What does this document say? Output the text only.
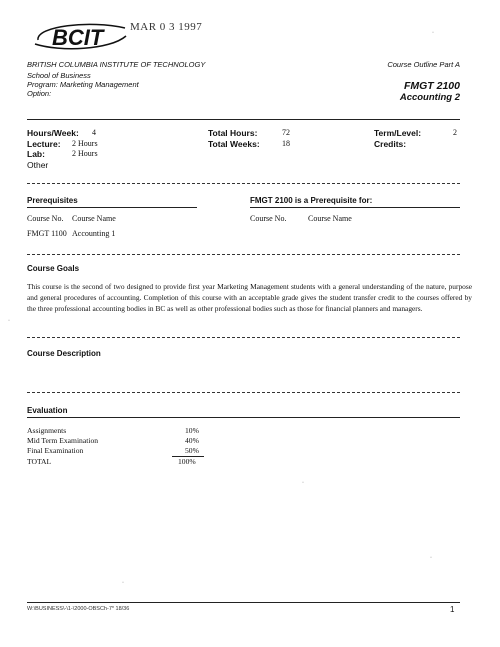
BCIT MAR 0 3 1997
BRITISH COLUMBIA INSTITUTE OF TECHNOLOGY
School of Business
Program: Marketing Management
Option:
Course Outline Part A
FMGT 2100
Accounting 2
Hours/Week: 4
Lecture: 2 Hours
Lab:	2 Hours
Other
Total Hours:	72
Total Weeks:	18
Term/Level:	2
Credits:
Prerequisites	FMGT 2100 is a Prerequisite for:
Course No. Course Name
FMGT 1100 Accounting 1
Course No.	Course Name
Course Goals
This course is the second of two designed to provide first year Marketing Management students with a general understanding of the nature, purpose and general procedures of accounting. Completion of this course with an acceptable grade gives the student transfer credit to the courses offered by the three professional accounting bodies in BC as well as other professional bodies such as those for financial planners and managers.
Course Description
Evaluation
Assignments	10%
Mid Term Examination	40%
Final Examination	50%
TOTAL	100%
W:\BUSINESS\-\1-\2000-OBSCh-7* 18/36	1
·
·
·
·
·
